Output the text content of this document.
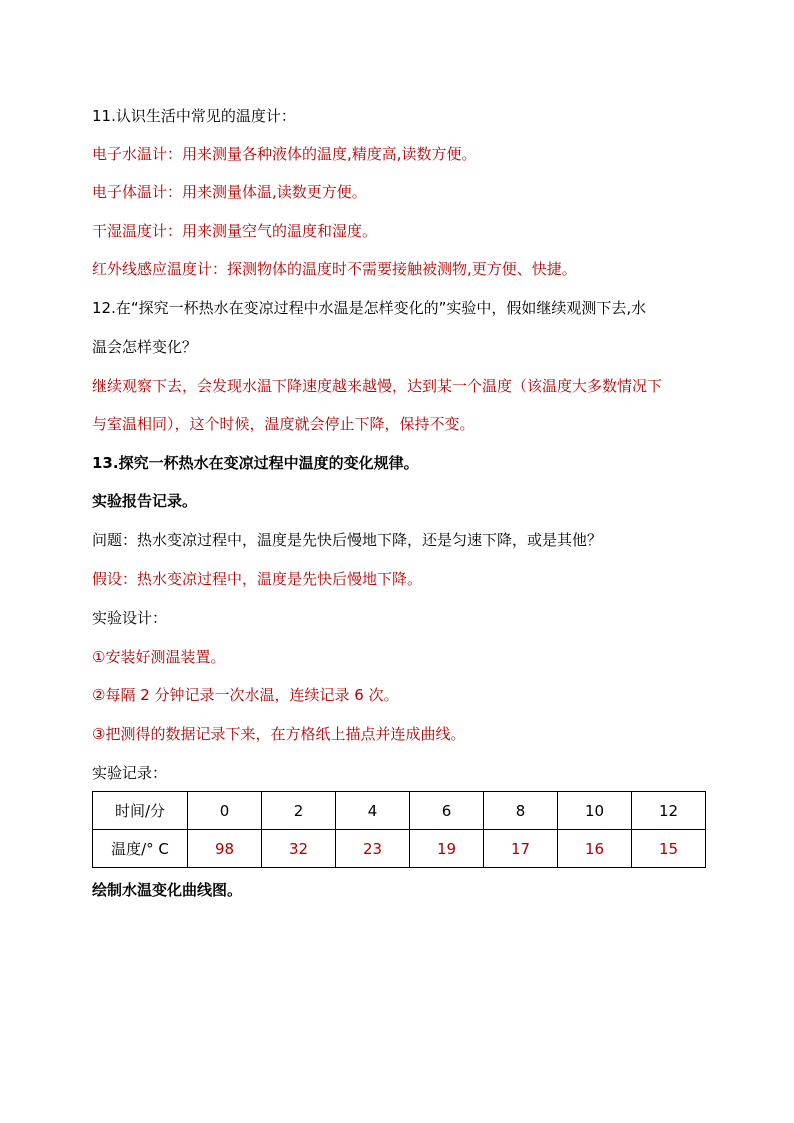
11.认识生活中常见的温度计：
电子水温计：用来测量各种液体的温度,精度高,读数方便。
电子体温计：用来测量体温,读数更方便。
干湿温度计：用来测量空气的温度和湿度。
红外线感应温度计：探测物体的温度时不需要接触被测物,更方便、快捷。
12.在“探究一杯热水在变凉过程中水温是怎样变化的”实验中，假如继续观测下去,水
温会怎样变化？
继续观察下去，会发现水温下降速度越来越慢，达到某一个温度（该温度大多数情况下
与室温相同），这个时候，温度就会停止下降，保持不变。
13.探究一杯热水在变凉过程中温度的变化规律。
实验报告记录。
问题：热水变凉过程中，温度是先快后慢地下降，还是匀速下降，或是其他？
假设：热水变凉过程中，温度是先快后慢地下降。
实验设计：
①安装好测温装置。
②每隔 2 分钟记录一次水温，连续记录 6 次。
③把测得的数据记录下来，在方格纸上描点并连成曲线。
实验记录：
时间/分	0	2	4	6	8	10	12
温度/° C	98	32	23	19	17	16	15
绘制水温变化曲线图。
